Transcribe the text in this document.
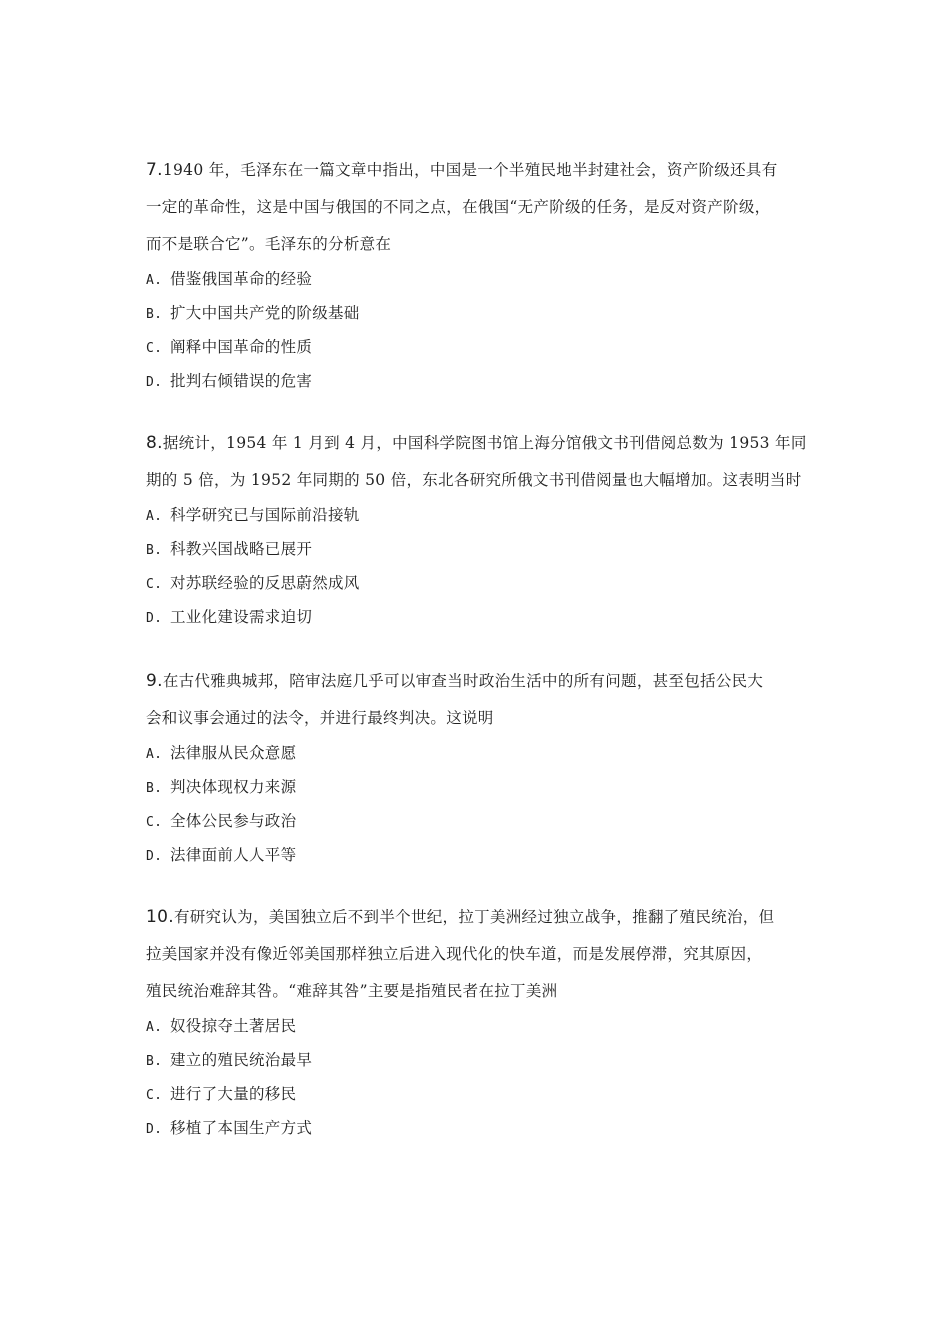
7.1940 年，毛泽东在一篇文章中指出，中国是一个半殖民地半封建社会，资产阶级还具有
一定的革命性，这是中国与俄国的不同之点，在俄国“无产阶级的任务，是反对资产阶级，
而不是联合它”。毛泽东的分析意在
A. 借鉴俄国革命的经验
B. 扩大中国共产党的阶级基础
C. 阐释中国革命的性质
D. 批判右倾错误的危害
8.据统计，1954 年 1 月到 4 月，中国科学院图书馆上海分馆俄文书刊借阅总数为 1953 年同
期的 5 倍，为 1952 年同期的 50 倍，东北各研究所俄文书刊借阅量也大幅增加。这表明当时
A. 科学研究已与国际前沿接轨
B. 科教兴国战略已展开
C. 对苏联经验的反思蔚然成风
D. 工业化建设需求迫切
9.在古代雅典城邦，陪审法庭几乎可以审查当时政治生活中的所有问题，甚至包括公民大
会和议事会通过的法令，并进行最终判决。这说明
A. 法律服从民众意愿
B. 判决体现权力来源
C. 全体公民参与政治
D. 法律面前人人平等
10.有研究认为，美国独立后不到半个世纪，拉丁美洲经过独立战争，推翻了殖民统治，但
拉美国家并没有像近邻美国那样独立后进入现代化的快车道，而是发展停滞，究其原因，
殖民统治难辞其咎。“难辞其咎”主要是指殖民者在拉丁美洲
A. 奴役掠夺土著居民
B. 建立的殖民统治最早
C. 进行了大量的移民
D. 移植了本国生产方式
